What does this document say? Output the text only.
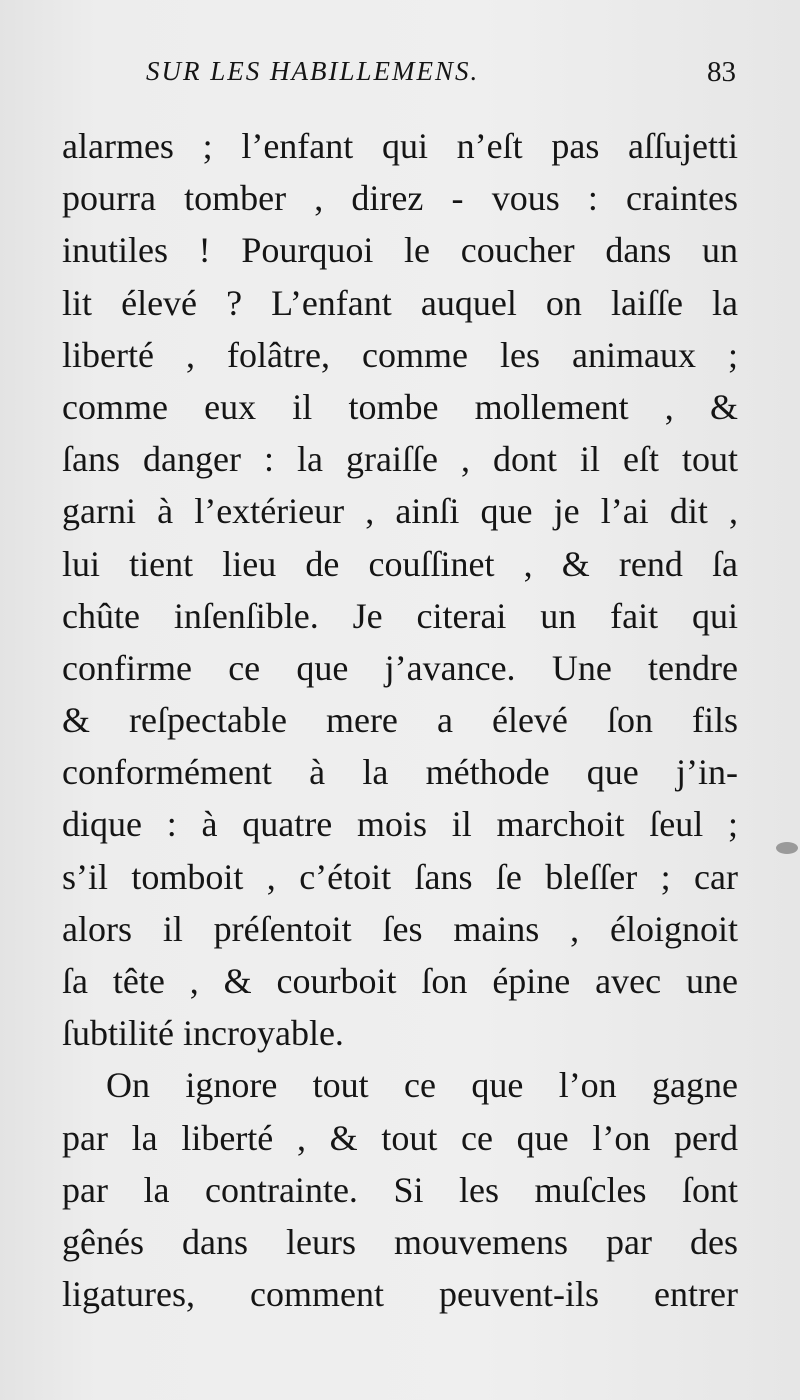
SUR LES HABILLEMENS.	83
alarmes ; l’enfant qui n’eſt pas aſſujetti
pourra tomber , direz - vous : craintes
inutiles ! Pourquoi le coucher dans un
lit élevé ? L’enfant auquel on laiſſe la
liberté , folâtre, comme les animaux ;
comme eux il tombe mollement , &
ſans danger : la graiſſe , dont il eſt tout
garni à l’extérieur , ainſi que je l’ai dit ,
lui tient lieu de couſſinet , & rend ſa
chûte inſenſible. Je citerai un fait qui
confirme ce que j’avance. Une tendre
& reſpectable mere a élevé ſon fils
conformément à la méthode que j’in-
dique : à quatre mois il marchoit ſeul ;
s’il tomboit , c’étoit ſans ſe bleſſer ; car
alors il préſentoit ſes mains , éloignoit
ſa tête , & courboit ſon épine avec une
ſubtilité incroyable.
On ignore tout ce que l’on gagne
par la liberté , & tout ce que l’on perd
par la contrainte. Si les muſcles ſont
gênés dans leurs mouvemens par des
ligatures, comment peuvent-ils entrer
